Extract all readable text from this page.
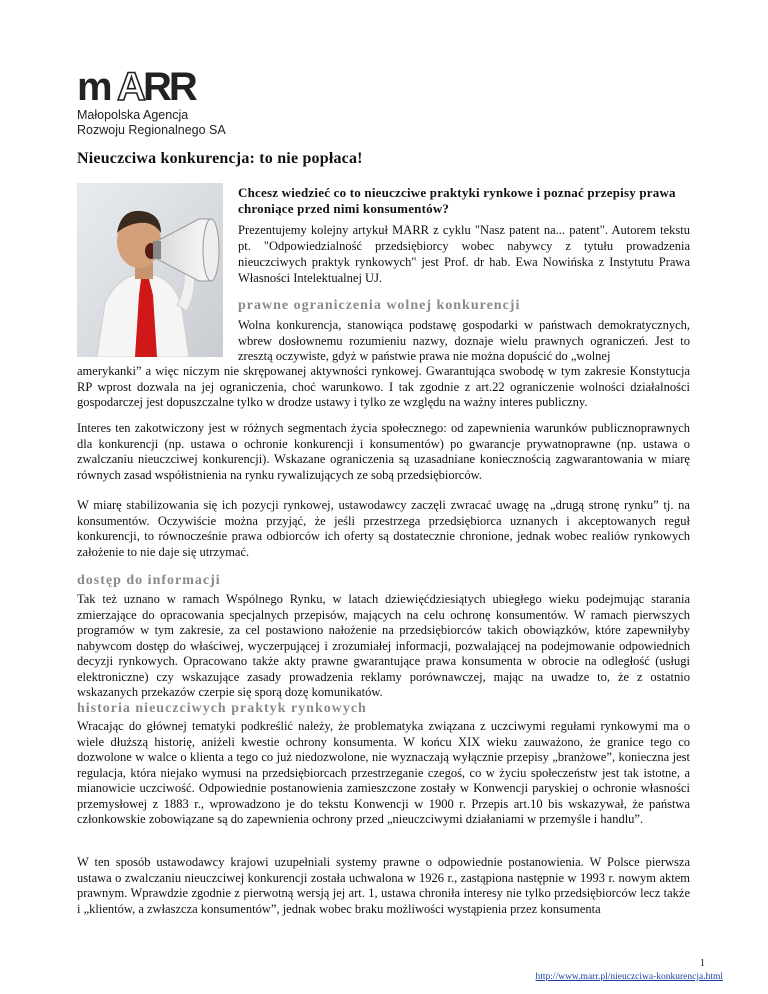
m A RR
Małopolska Agencja
Rozwoju Regionalnego SA
Nieuczciwa konkurencja: to nie popłaca!
Chcesz wiedzieć co to nieuczciwe praktyki rynkowe i poznać przepisy prawa chroniące przed nimi konsumentów?
Prezentujemy kolejny artykuł MARR z cyklu "Nasz patent na... patent". Autorem tekstu pt. "Odpowiedzialność przedsiębiorcy wobec nabywcy z tytułu prowadzenia nieuczciwych praktyk rynkowych" jest Prof. dr hab. Ewa Nowińska z Instytutu Prawa Własności Intelektualnej UJ.
prawne ograniczenia wolnej konkurencji
Wolna konkurencja, stanowiąca podstawę gospodarki w państwach demokratycznych, wbrew dosłownemu rozumieniu nazwy, doznaje wielu prawnych ograniczeń. Jest to zresztą oczywiste, gdyż w państwie prawa nie można dopuścić do „wolnej
amerykanki” a więc niczym nie skrępowanej aktywności rynkowej. Gwarantująca swobodę w tym zakresie Konstytucja RP wprost dozwala na jej ograniczenia, choć warunkowo. I tak zgodnie z art.22 ograniczenie wolności działalności gospodarczej jest dopuszczalne tylko w drodze ustawy i tylko ze względu na ważny interes publiczny.
Interes ten zakotwiczony jest w różnych segmentach życia społecznego: od zapewnienia warunków publicznoprawnych dla konkurencji (np. ustawa o ochronie konkurencji i konsumentów) po gwarancje prywatnoprawne (np. ustawa o zwalczaniu nieuczciwej konkurencji). Wskazane ograniczenia są uzasadniane koniecznością zagwarantowania w miarę równych zasad współistnienia na rynku rywalizujących ze sobą przedsiębiorców.
W miarę stabilizowania się ich pozycji rynkowej, ustawodawcy zaczęli zwracać uwagę na „drugą stronę rynku” tj. na konsumentów. Oczywiście można przyjąć, że jeśli przestrzega przedsiębiorca uznanych i akceptowanych reguł konkurencji, to równocześnie prawa odbiorców ich oferty są dostatecznie chronione, jednak wobec realiów rynkowych założenie to nie daje się utrzymać.
dostęp do informacji
Tak też uznano w ramach Wspólnego Rynku, w latach dziewięćdziesiątych ubiegłego wieku podejmując starania zmierzające do opracowania specjalnych przepisów, mających na celu ochronę konsumentów. W ramach pierwszych programów w tym zakresie, za cel postawiono nałożenie na przedsiębiorców takich obowiązków, które zapewniłyby nabywcom dostęp do właściwej, wyczerpującej i zrozumiałej informacji, pozwalającej na podejmowanie odpowiednich decyzji rynkowych. Opracowano także akty prawne gwarantujące prawa konsumenta w obrocie na odległość (usługi elektroniczne) czy wskazujące zasady prowadzenia reklamy porównawczej, mając na uwadze to, że z ostatnio wskazanych przekazów czerpie się sporą dozę komunikatów.
historia nieuczciwych praktyk rynkowych
Wracając do głównej tematyki podkreślić należy, że problematyka związana z uczciwymi regułami rynkowymi ma o wiele dłuższą historię, aniżeli kwestie ochrony konsumenta. W końcu XIX wieku zauważono, że granice tego co dozwolone w walce o klienta a tego co już niedozwolone, nie wyznaczają wyłącznie przepisy „branżowe”, konieczna jest regulacja, która niejako wymusi na przedsiębiorcach przestrzeganie czegoś, co w życiu społeczeństw jest tak istotne, a mianowicie uczciwość. Odpowiednie postanowienia zamieszczone zostały w Konwencji paryskiej o ochronie własności przemysłowej z 1883 r., wprowadzono je do tekstu Konwencji w 1900 r. Przepis art.10 bis wskazywał, że państwa członkowskie zobowiązane są do zapewnienia ochrony przed „nieuczciwymi działaniami w przemyśle i handlu”.
W ten sposób ustawodawcy krajowi uzupełniali systemy prawne o odpowiednie postanowienia. W Polsce pierwsza ustawa o zwalczaniu nieuczciwej konkurencji została uchwalona w 1926 r., zastąpiona następnie w 1993 r. nowym aktem prawnym. Wprawdzie zgodnie z pierwotną wersją jej art. 1, ustawa chroniła interesy nie tylko przedsiębiorców lecz także i „klientów, a zwłaszcza konsumentów”, jednak wobec braku możliwości wystąpienia przez konsumenta
1
http://www.marr.pl/nieuczciwa-konkurencja.html
